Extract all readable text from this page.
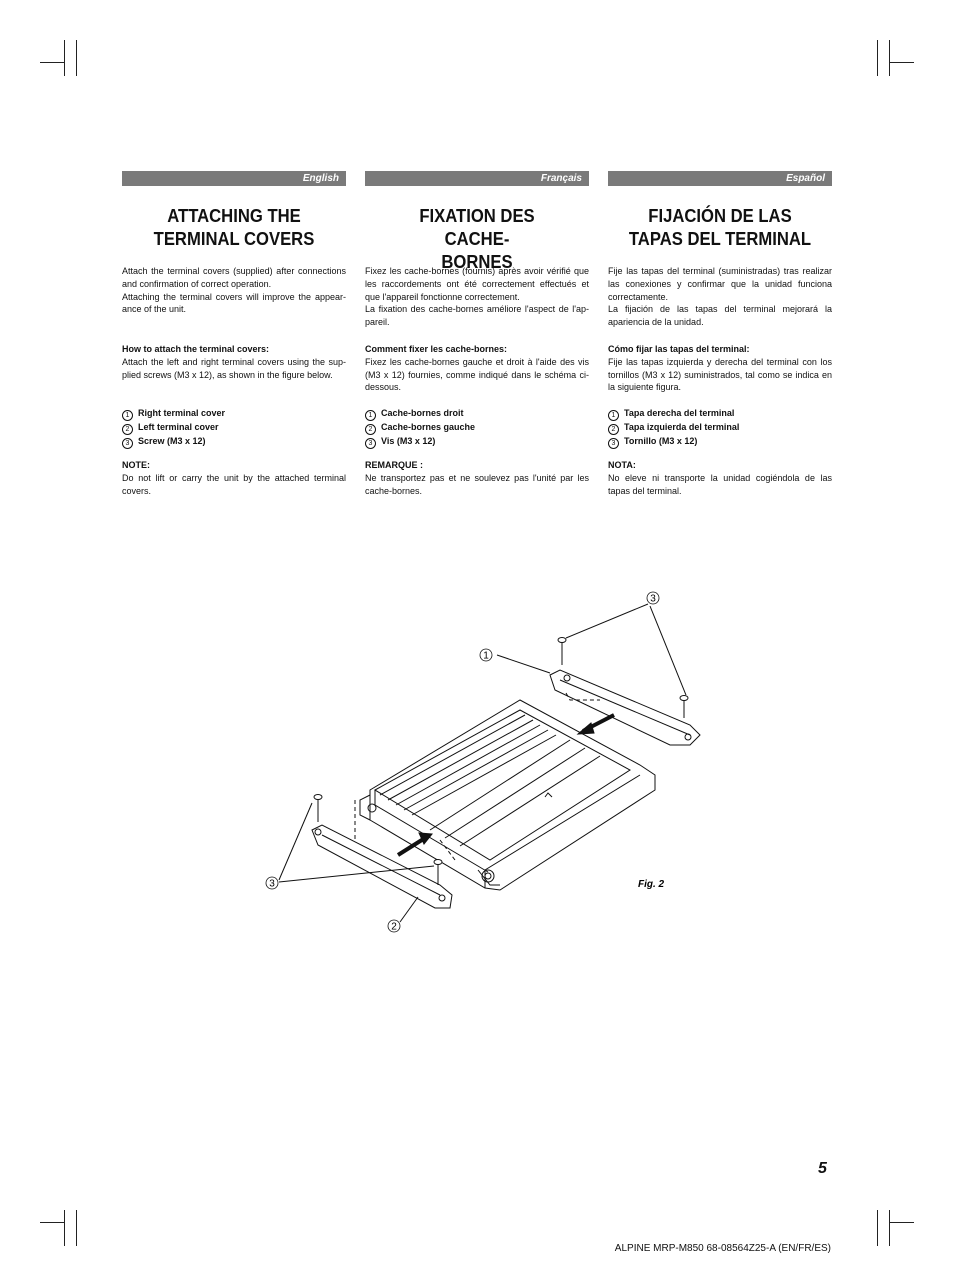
English
ATTACHING THE TERMINAL COVERS

Attach the terminal covers (supplied) after connections and confirmation of correct operation.

Attaching the terminal covers will improve the appear- ance of the unit.

How to attach the terminal covers:

Attach the left and right terminal covers using the sup- plied screws (M3 x 12), as shown in the figure below.

1 Right terminal cover

2 Left terminal cover

3 Screw (M3 x 12)

NOTE:

Do not lift or carry the unit by the attached terminal covers.

Français
FIXATION DES CACHE-BORNES

Fixez les cache-bornes (fournis) après avoir vérifié que les raccordements ont été correctement effectués et que l'appareil fonctionne correctement.

La fixation des cache-bornes améliore l'aspect de l'ap- pareil.

Comment fixer les cache-bornes:

Fixez les cache-bornes gauche et droit à l'aide des vis (M3 x 12) fournies, comme indiqué dans le schéma ci- dessous.

1 Cache-bornes droit

2 Cache-bornes gauche

3 Vis (M3 x 12)

REMARQUE :

Ne transportez pas et ne soulevez pas l'unité par les cache-bornes.

Español
FIJACIÓN DE LAS TAPAS DEL TERMINAL

Fije las tapas del terminal (suministradas) tras realizar las conexiones y confirmar que la unidad funciona correctamente.

La fijación de las tapas del terminal mejorará la apariencia de la unidad.

Cómo fijar las tapas del terminal:

Fije las tapas izquierda y derecha del terminal con los tornillos (M3 x 12) suministrados, tal como se indica en la siguiente figura.

1 Tapa derecha del terminal

2 Tapa izquierda del terminal

3 Tornillo (M3 x 12)

NOTA:

No eleve ni transporte la unidad cogiéndola de las tapas del terminal.

3
1
3
2
Fig. 2
5
ALPINE MRP-M850 68-08564Z25-A (EN/FR/ES)
